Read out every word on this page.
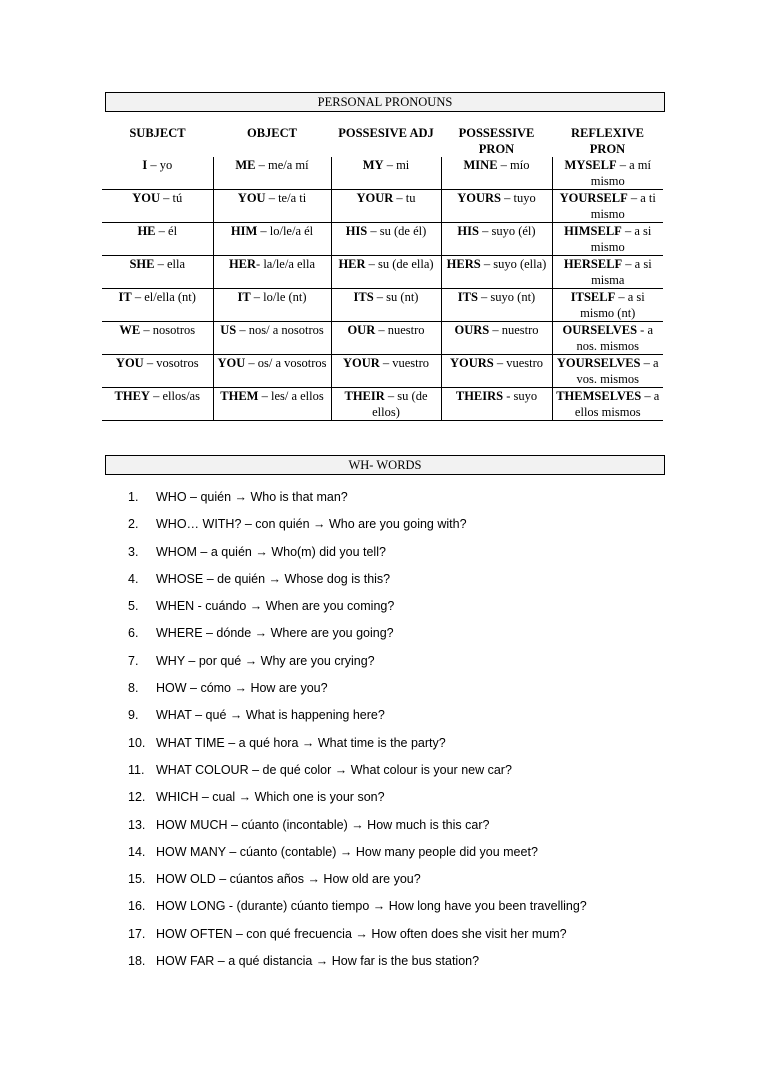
PERSONAL PRONOUNS
SUBJECT	OBJECT	POSSESIVE ADJ	POSSESSIVE PRON	REFLEXIVE PRON
I – yo	ME – me/a mí	MY – mi	MINE – mío	MYSELF – a mí mismo
YOU – tú	YOU – te/a ti	YOUR – tu	YOURS – tuyo	YOURSELF – a ti mismo
HE – él	HIM – lo/le/a él	HIS – su (de él)	HIS – suyo (él)	HIMSELF – a si mismo
SHE – ella	HER- la/le/a ella	HER – su (de ella)	HERS – suyo (ella)	HERSELF – a si misma
IT – el/ella (nt)	IT – lo/le (nt)	ITS – su (nt)	ITS – suyo (nt)	ITSELF – a si mismo (nt)
WE – nosotros	US – nos/ a nosotros	OUR – nuestro	OURS – nuestro	OURSELVES - a nos. mismos
YOU – vosotros	YOU – os/ a vosotros	YOUR – vuestro	YOURS – vuestro	YOURSELVES – a vos. mismos
THEY – ellos/as	THEM – les/ a ellos	THEIR – su (de ellos)	THEIRS - suyo	THEMSELVES – a ellos mismos
WH- WORDS
1. WHO – quién → Who is that man?
2. WHO… WITH? – con quién → Who are you going with?
3. WHOM – a quién → Who(m) did you tell?
4. WHOSE – de quién → Whose dog is this?
5. WHEN - cuándo → When are you coming?
6. WHERE – dónde → Where are you going?
7. WHY – por qué → Why are you crying?
8. HOW – cómo → How are you?
9. WHAT – qué → What is happening here?
10. WHAT TIME – a qué hora → What time is the party?
11. WHAT COLOUR – de qué color → What colour is your new car?
12. WHICH – cual → Which one is your son?
13. HOW MUCH – cúanto (incontable) → How much is this car?
14. HOW MANY – cúanto (contable) → How many people did you meet?
15. HOW OLD – cúantos años → How old are you?
16. HOW LONG - (durante) cúanto tiempo → How long have you been travelling?
17. HOW OFTEN – con qué frecuencia → How often does she visit her mum?
18. HOW FAR – a qué distancia → How far is the bus station?
